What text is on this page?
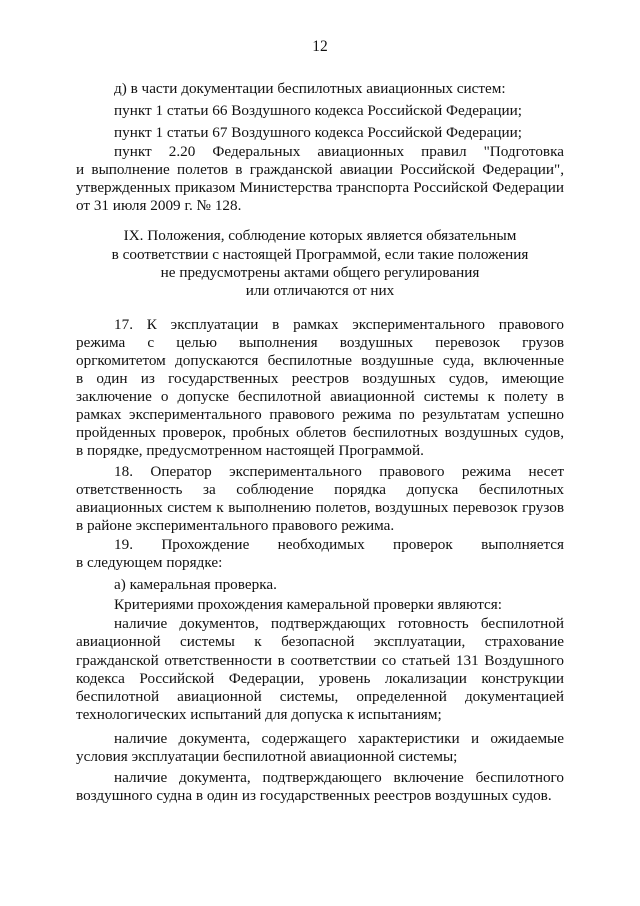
12
д) в части документации беспилотных авиационных систем:
пункт 1 статьи 66 Воздушного кодекса Российской Федерации;
пункт 1 статьи 67 Воздушного кодекса Российской Федерации;
пункт 2.20 Федеральных авиационных правил "Подготовка
и выполнение полетов в гражданской авиации Российской Федерации",
утвержденных приказом Министерства транспорта Российской Федерации
от 31 июля 2009 г. № 128.
IX. Положения, соблюдение которых является обязательным
в соответствии с настоящей Программой, если такие положения
не предусмотрены актами общего регулирования
или отличаются от них
17. К эксплуатации в рамках экспериментального правового
режима с целью выполнения воздушных перевозок грузов
оргкомитетом допускаются беспилотные воздушные суда, включенные
в один из государственных реестров воздушных судов, имеющие
заключение о допуске беспилотной авиационной системы к полету в
рамках экспериментального правового режима по результатам успешно
пройденных проверок, пробных облетов беспилотных воздушных судов,
в порядке, предусмотренном настоящей Программой.
18. Оператор экспериментального правового режима несет
ответственность за соблюдение порядка допуска беспилотных
авиационных систем к выполнению полетов, воздушных перевозок грузов
в районе экспериментального правового режима.
19. Прохождение необходимых проверок выполняется
в следующем порядке:
а) камеральная проверка.
Критериями прохождения камеральной проверки являются:
наличие документов, подтверждающих готовность беспилотной
авиационной системы к безопасной эксплуатации, страхование
гражданской ответственности в соответствии со статьей 131 Воздушного
кодекса Российской Федерации, уровень локализации конструкции
беспилотной авиационной системы, определенной документацией
технологических испытаний для допуска к испытаниям;
наличие документа, содержащего характеристики и ожидаемые
условия эксплуатации беспилотной авиационной системы;
наличие документа, подтверждающего включение беспилотного
воздушного судна в один из государственных реестров воздушных судов.
